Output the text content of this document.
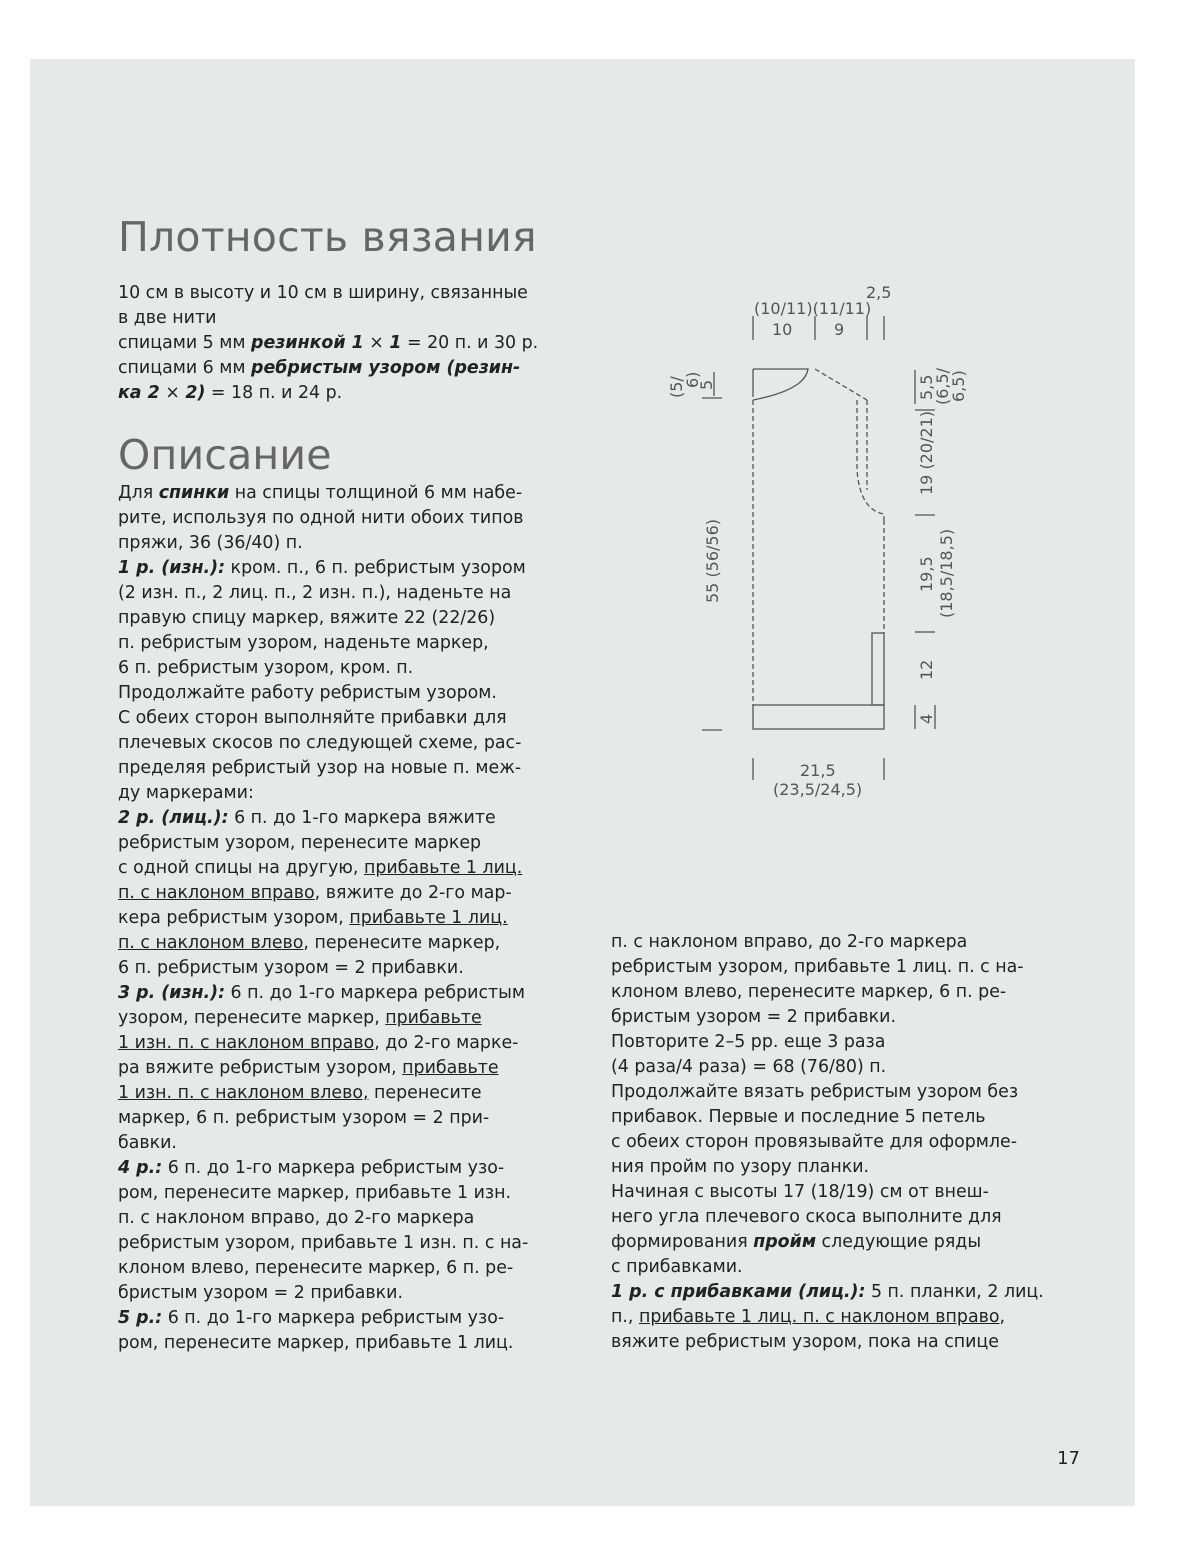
Плотность вязания
10 см в высоту и 10 см в ширину, связанные
в две нити
спицами 5 мм резинкой 1 × 1 = 20 п. и 30 р.
спицами 6 мм ребристым узором (резин-
ка 2 × 2) = 18 п. и 24 р.
Описание
Для спинки на спицы толщиной 6 мм набе-
рите, используя по одной нити обоих типов
пряжи, 36 (36/40) п.
1 р. (изн.): кром. п., 6 п. ребристым узором
(2 изн. п., 2 лиц. п., 2 изн. п.), наденьте на
правую спицу маркер, вяжите 22 (22/26)
п. ребристым узором, наденьте маркер,
6 п. ребристым узором, кром. п.
Продолжайте работу ребристым узором.
С обеих сторон выполняйте прибавки для
плечевых скосов по следующей схеме, рас-
пределяя ребристый узор на новые п. меж-
ду маркерами:
2 р. (лиц.): 6 п. до 1-го маркера вяжите
ребристым узором, перенесите маркер
с одной спицы на другую, прибавьте 1 лиц.
п. с наклоном вправо, вяжите до 2-го мар-
кера ребристым узором, прибавьте 1 лиц.
п. с наклоном влево, перенесите маркер,
6 п. ребристым узором = 2 прибавки.
3 р. (изн.): 6 п. до 1-го маркера ребристым
узором, перенесите маркер, прибавьте
1 изн. п. с наклоном вправо, до 2-го марке-
ра вяжите ребристым узором, прибавьте
1 изн. п. с наклоном влево, перенесите
маркер, 6 п. ребристым узором = 2 при-
бавки.
4 р.: 6 п. до 1-го маркера ребристым узо-
ром, перенесите маркер, прибавьте 1 изн.
п. с наклоном вправо, до 2-го маркера
ребристым узором, прибавьте 1 изн. п. с на-
клоном влево, перенесите маркер, 6 п. ре-
бристым узором = 2 прибавки.
5 р.: 6 п. до 1-го маркера ребристым узо-
ром, перенесите маркер, прибавьте 1 лиц.
п. с наклоном вправо, до 2-го маркера
ребристым узором, прибавьте 1 лиц. п. с на-
клоном влево, перенесите маркер, 6 п. ре-
бристым узором = 2 прибавки.
Повторите 2–5 рр. еще 3 раза
(4 раза/4 раза) = 68 (76/80) п.
Продолжайте вязать ребристым узором без
прибавок. Первые и последние 5 петель
с обеих сторон провязывайте для оформле-
ния пройм по узору планки.
Начиная с высоты 17 (18/19) см от внеш-
него угла плечевого скоса выполните для
формирования пройм следующие ряды
с прибавками.
1 р. с прибавками (лиц.): 5 п. планки, 2 лиц.
п., прибавьте 1 лиц. п. с наклоном вправо,
вяжите ребристым узором, пока на спице
2,5
(10/11)(11/11)
10	9
(5/
6)
5
55 (56/56)
5,5
(6,5/
6,5)
19 (20/21)
19,5 (18,5/18,5)
12
4
21,5
(23,5/24,5)
17
